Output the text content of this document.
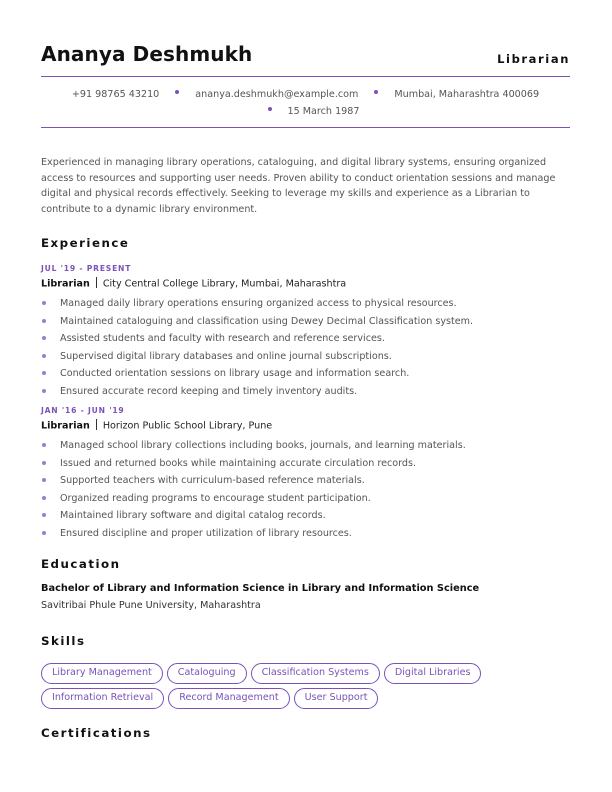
Ananya Deshmukh	Librarian
+91 98765 43210	ananya.deshmukh@example.com	Mumbai, Maharashtra 400069
15 March 1987
Experienced in managing library operations, cataloguing, and digital library systems, ensuring organized access to resources and supporting user needs. Proven ability to conduct orientation sessions and manage digital and physical records effectively. Seeking to leverage my skills and experience as a Librarian to contribute to a dynamic library environment.
Experience
JUL '19 - PRESENT
Librarian City Central College Library, Mumbai, Maharashtra
Managed daily library operations ensuring organized access to physical resources.
Maintained cataloguing and classification using Dewey Decimal Classification system.
Assisted students and faculty with research and reference services.
Supervised digital library databases and online journal subscriptions.
Conducted orientation sessions on library usage and information search.
Ensured accurate record keeping and timely inventory audits.
JAN '16 - JUN '19
Librarian Horizon Public School Library, Pune
Managed school library collections including books, journals, and learning materials.
Issued and returned books while maintaining accurate circulation records.
Supported teachers with curriculum-based reference materials.
Organized reading programs to encourage student participation.
Maintained library software and digital catalog records.
Ensured discipline and proper utilization of library resources.
Education
Bachelor of Library and Information Science in Library and Information Science
Savitribai Phule Pune University, Maharashtra
Skills
Library Management	Cataloguing	Classification Systems	Digital Libraries
Information Retrieval	Record Management	User Support
Certifications
